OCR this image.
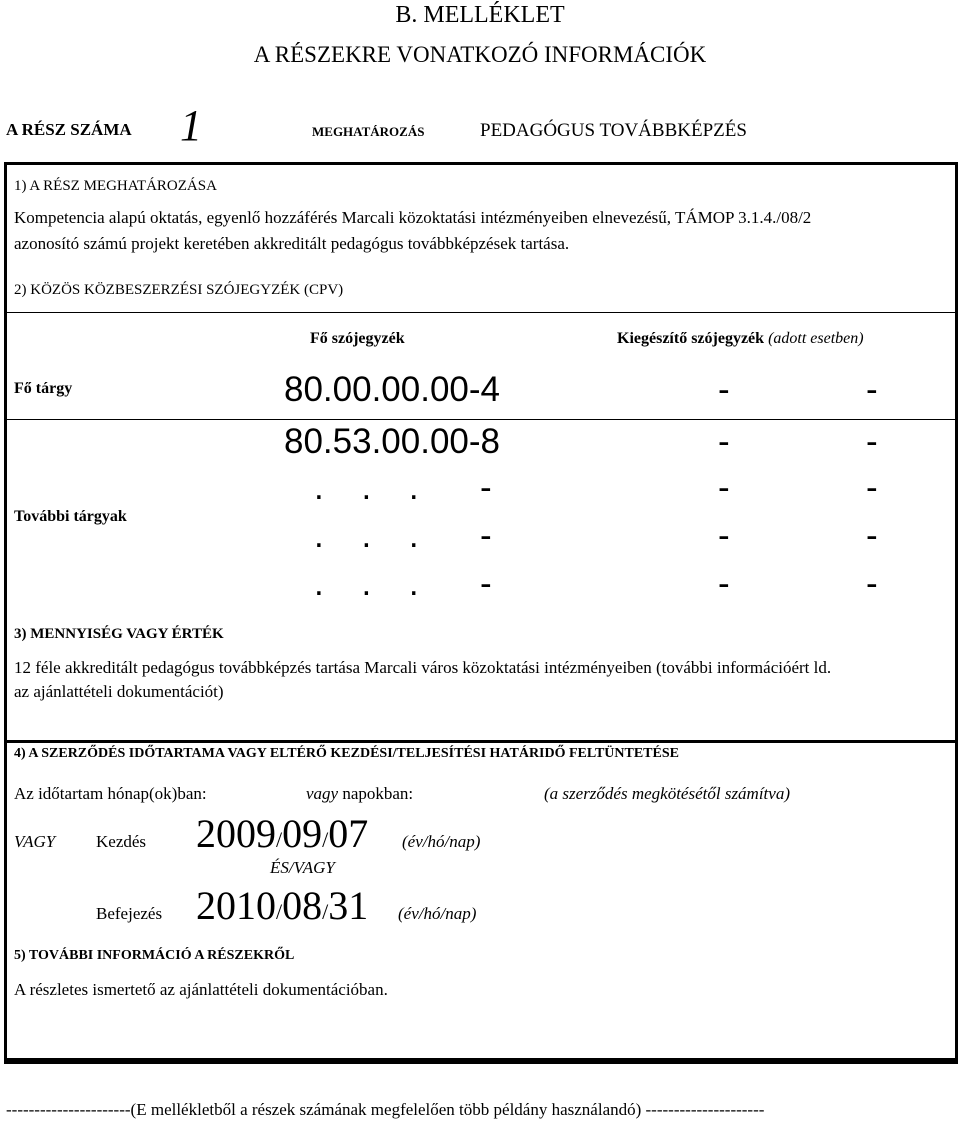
B. MELLÉKLET
A RÉSZEKRE VONATKOZÓ INFORMÁCIÓK
A RÉSZ SZÁMA 1	MEGHATÁROZÁS	PEDAGÓGUS TOVÁBBKÉPZÉS
1) A RÉSZ MEGHATÁROZÁSA
Kompetencia alapú oktatás, egyenlő hozzáférés Marcali közoktatási intézményeiben elnevezésű, TÁMOP 3.1.4./08/2
azonosító számú projekt keretében akkreditált pedagógus továbbképzések tartása.
2) KÖZÖS KÖZBESZERZÉSI SZÓJEGYZÉK (CPV)
Fő szójegyzék	Kiegészítő szójegyzék (adott esetben)
Fő tárgy	80.00.00.00-4	-	-
További tárgyak
80.53.00.00-8	-	-
. . . -	-	-
. . . -	-	-
. . . -	-	-
3) MENNYISÉG VAGY ÉRTÉK
12 féle akkreditált pedagógus továbbképzés tartása Marcali város közoktatási intézményeiben (további információért ld.
az ajánlattételi dokumentációt)
4) A SZERZŐDÉS IDŐTARTAMA VAGY ELTÉRŐ KEZDÉSI/TELJESÍTÉSI HATÁRIDŐ FELTÜNTETÉSE
Az időtartam hónap(ok)ban:	vagy napokban:	(a szerződés megkötésétől számítva)
VAGY Kezdés 2009/09/07 (év/hó/nap)
ÉS/VAGY
Befejezés 2010/08/31 (év/hó/nap)
5) TOVÁBBI INFORMÁCIÓ A RÉSZEKRŐL
A részletes ismertető az ajánlattételi dokumentációban.
----------------------(E mellékletből a részek számának megfelelően több példány használandó) ---------------------
